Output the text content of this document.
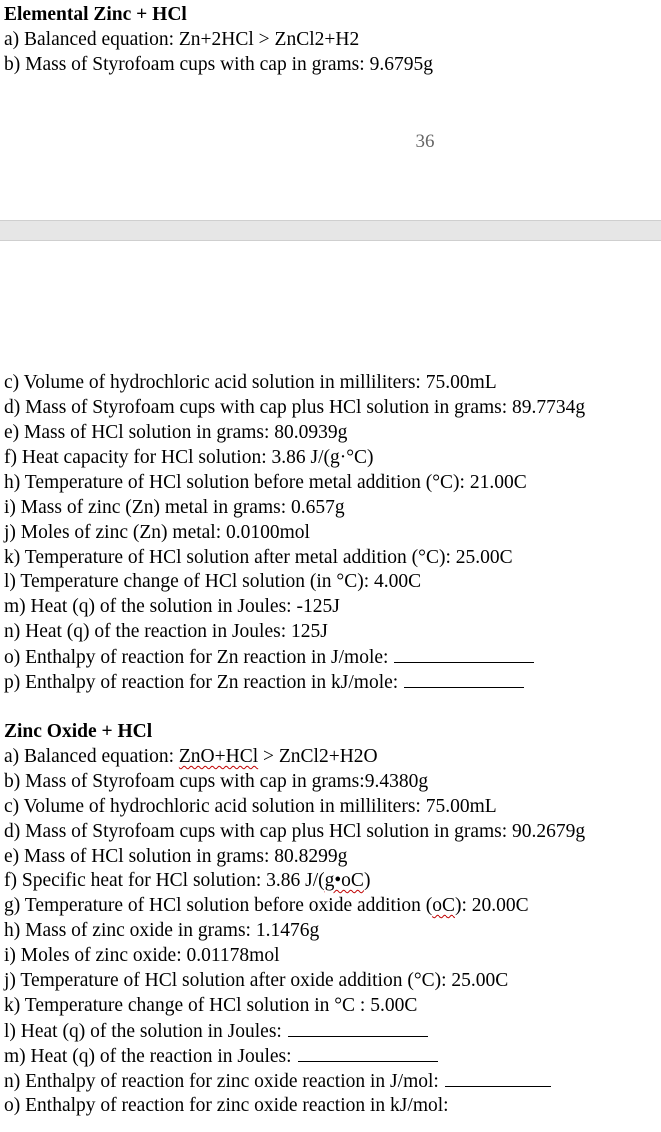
Elemental Zinc + HCl

a) Balanced equation: Zn+2HCl > ZnCl2+H2

b) Mass of Styrofoam cups with cap in grams: 9.6795g

36

c) Volume of hydrochloric acid solution in milliliters: 75.00mL

d) Mass of Styrofoam cups with cap plus HCl solution in grams: 89.7734g

e) Mass of HCl solution in grams: 80.0939g

f) Heat capacity for HCl solution: 3.86 J/(g·°C)

h) Temperature of HCl solution before metal addition (°C): 21.00C

i) Mass of zinc (Zn) metal in grams: 0.657g

j) Moles of zinc (Zn) metal: 0.0100mol

k) Temperature of HCl solution after metal addition (°C): 25.00C

l) Temperature change of HCl solution (in °C): 4.00C

m) Heat (q) of the solution in Joules: -125J

n) Heat (q) of the reaction in Joules: 125J

o) Enthalpy of reaction for Zn reaction in J/mole:

p) Enthalpy of reaction for Zn reaction in kJ/mole:

Zinc Oxide + HCl

a) Balanced equation: ZnO+HCl > ZnCl2+H2O

b) Mass of Styrofoam cups with cap in grams:9.4380g

c) Volume of hydrochloric acid solution in milliliters: 75.00mL

d) Mass of Styrofoam cups with cap plus HCl solution in grams: 90.2679g

e) Mass of HCl solution in grams: 80.8299g

f) Specific heat for HCl solution: 3.86 J/(g•oC)

g) Temperature of HCl solution before oxide addition (oC): 20.00C

h) Mass of zinc oxide in grams: 1.1476g

i) Moles of zinc oxide: 0.01178mol

j) Temperature of HCl solution after oxide addition (°C): 25.00C

k) Temperature change of HCl solution in °C : 5.00C

l) Heat (q) of the solution in Joules:

m) Heat (q) of the reaction in Joules:

n) Enthalpy of reaction for zinc oxide reaction in J/mol:

o) Enthalpy of reaction for zinc oxide reaction in kJ/mol:
